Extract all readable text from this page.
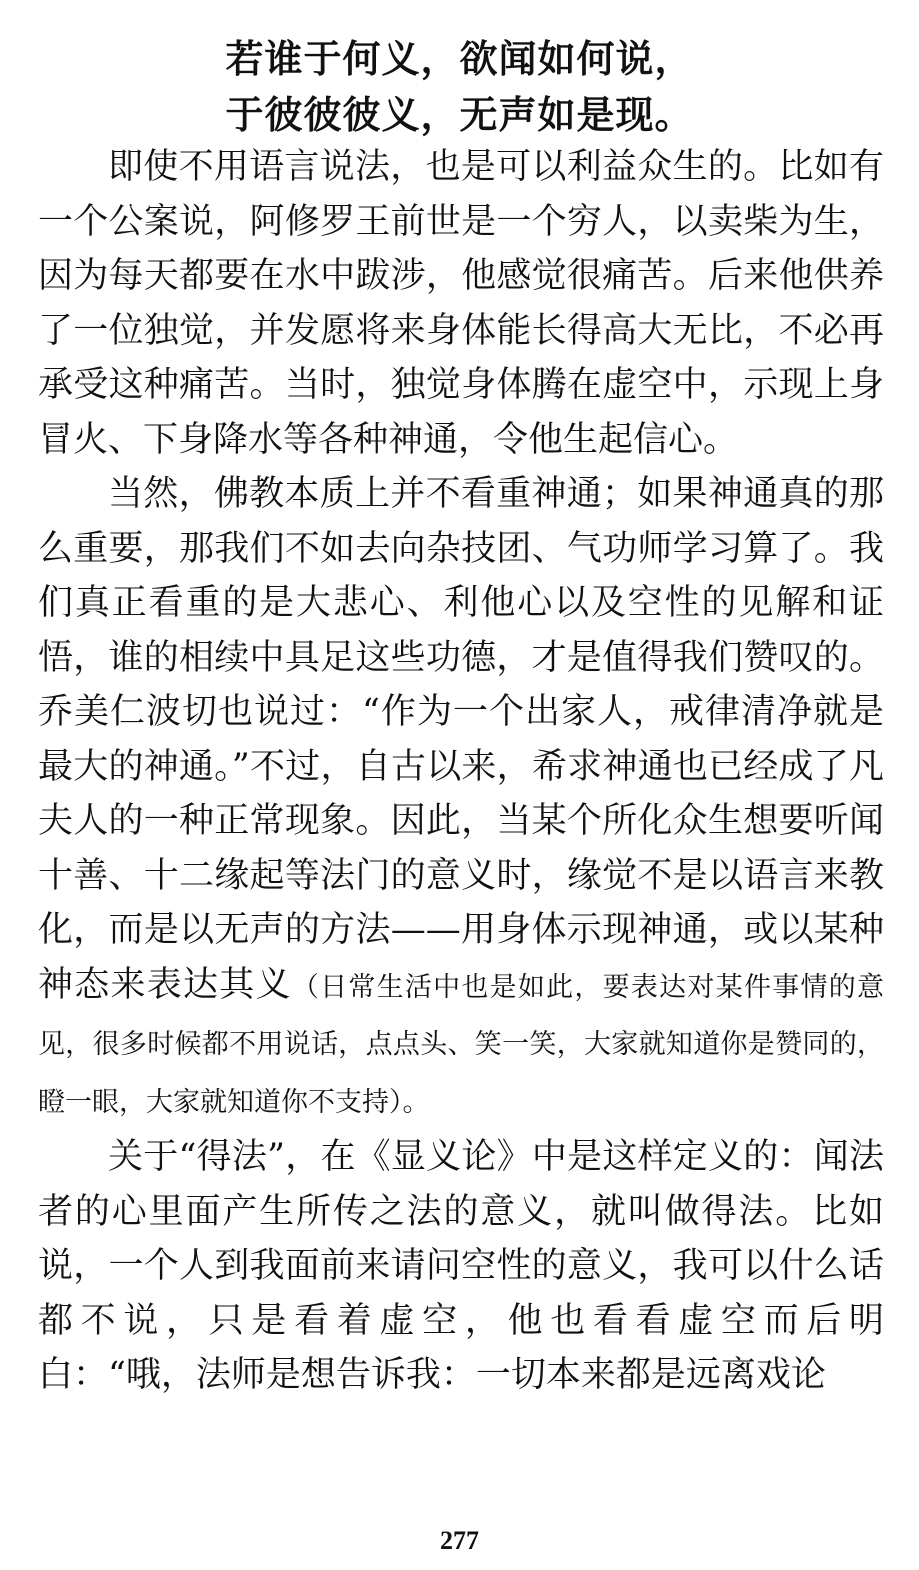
若谁于何义，欲闻如何说，
于彼彼彼义，无声如是现。

即使不用语言说法，也是可以利益众生的。比如有一个公案说，阿修罗王前世是一个穷人，以卖柴为生，因为每天都要在水中跋涉，他感觉很痛苦。后来他供养了一位独觉，并发愿将来身体能长得高大无比，不必再承受这种痛苦。当时，独觉身体腾在虚空中，示现上身冒火、下身降水等各种神通，令他生起信心。

当然，佛教本质上并不看重神通；如果神通真的那么重要，那我们不如去向杂技团、气功师学习算了。我们真正看重的是大悲心、利他心以及空性的见解和证悟，谁的相续中具足这些功德，才是值得我们赞叹的。乔美仁波切也说过：“作为一个出家人，戒律清净就是最大的神通。”不过，自古以来，希求神通也已经成了凡夫人的一种正常现象。因此，当某个所化众生想要听闻十善、十二缘起等法门的意义时，缘觉不是以语言来教化，而是以无声的方法——用身体示现神通，或以某种神态来表达其义（日常生活中也是如此，要表达对某件事情的意见，很多时候都不用说话，点点头、笑一笑，大家就知道你是赞同的，瞪一眼，大家就知道你不支持）。

关于“得法”，在《显义论》中是这样定义的：闻法者的心里面产生所传之法的意义，就叫做得法。比如说，一个人到我面前来请问空性的意义，我可以什么话都不说，只是看着虚空，他也看看虚空而后明白：“哦，法师是想告诉我：一切本来都是远离戏论

277
